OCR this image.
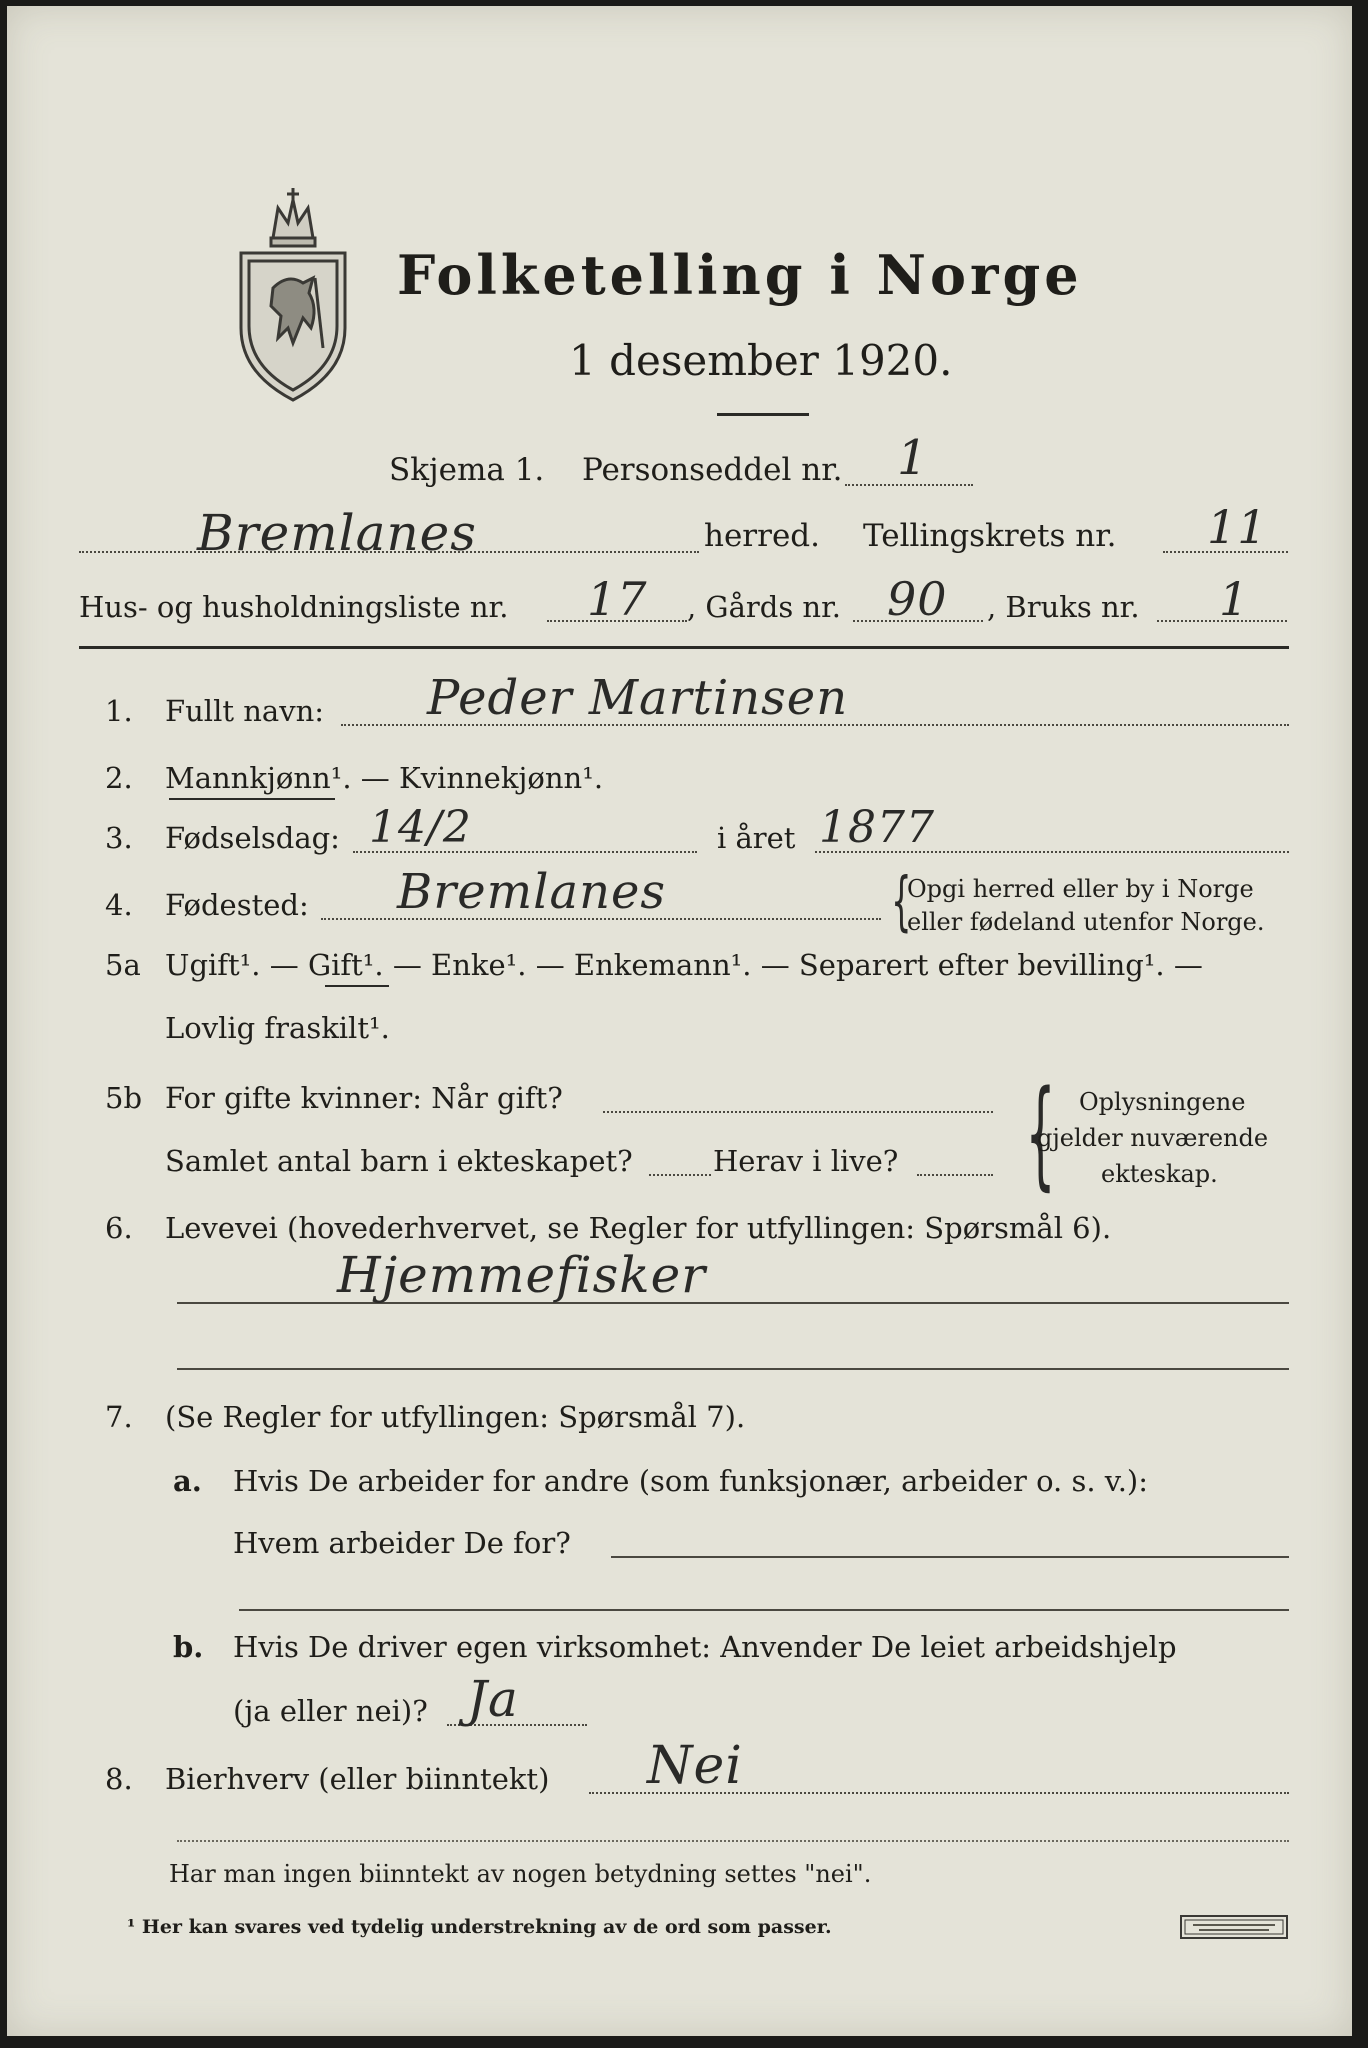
Folketelling i Norge
1 desember 1920.
Skjema 1. Personseddel nr. 1
Bremlanes	herred. Tellingskrets nr. 11
Hus- og husholdningsliste nr. 17 , Gårds nr. 90 , Bruks nr. 1
1. Fullt navn: Peder Martinsen
2. Mannkjønn¹. — Kvinnekjønn¹.
3. Fødselsdag: 14/2	i året 1877
4. Fødested: Bremlanes	{
Opgi herred eller by i Norge
eller fødeland utenfor Norge.
5a Ugift¹. — Gift¹. — Enke¹. — Enkemann¹. — Separert efter bevilling¹. —
Lovlig fraskilt¹.
5b For gifte kvinner: Når gift?
Samlet antal barn i ekteskapet?	Herav i live? { Oplysningene
gjelder nuværende
ekteskap.
6. Levevei (hovederhvervet, se Regler for utfyllingen: Spørsmål 6).
Hjemmefisker
7. (Se Regler for utfyllingen: Spørsmål 7).
a. Hvis De arbeider for andre (som funksjonær, arbeider o. s. v.):
Hvem arbeider De for?
b. Hvis De driver egen virksomhet: Anvender De leiet arbeidshjelp
(ja eller nei)? Ja
8. Bierhverv (eller biinntekt) Nei
Har man ingen biinntekt av nogen betydning settes "nei".
¹ Her kan svares ved tydelig understrekning av de ord som passer.
